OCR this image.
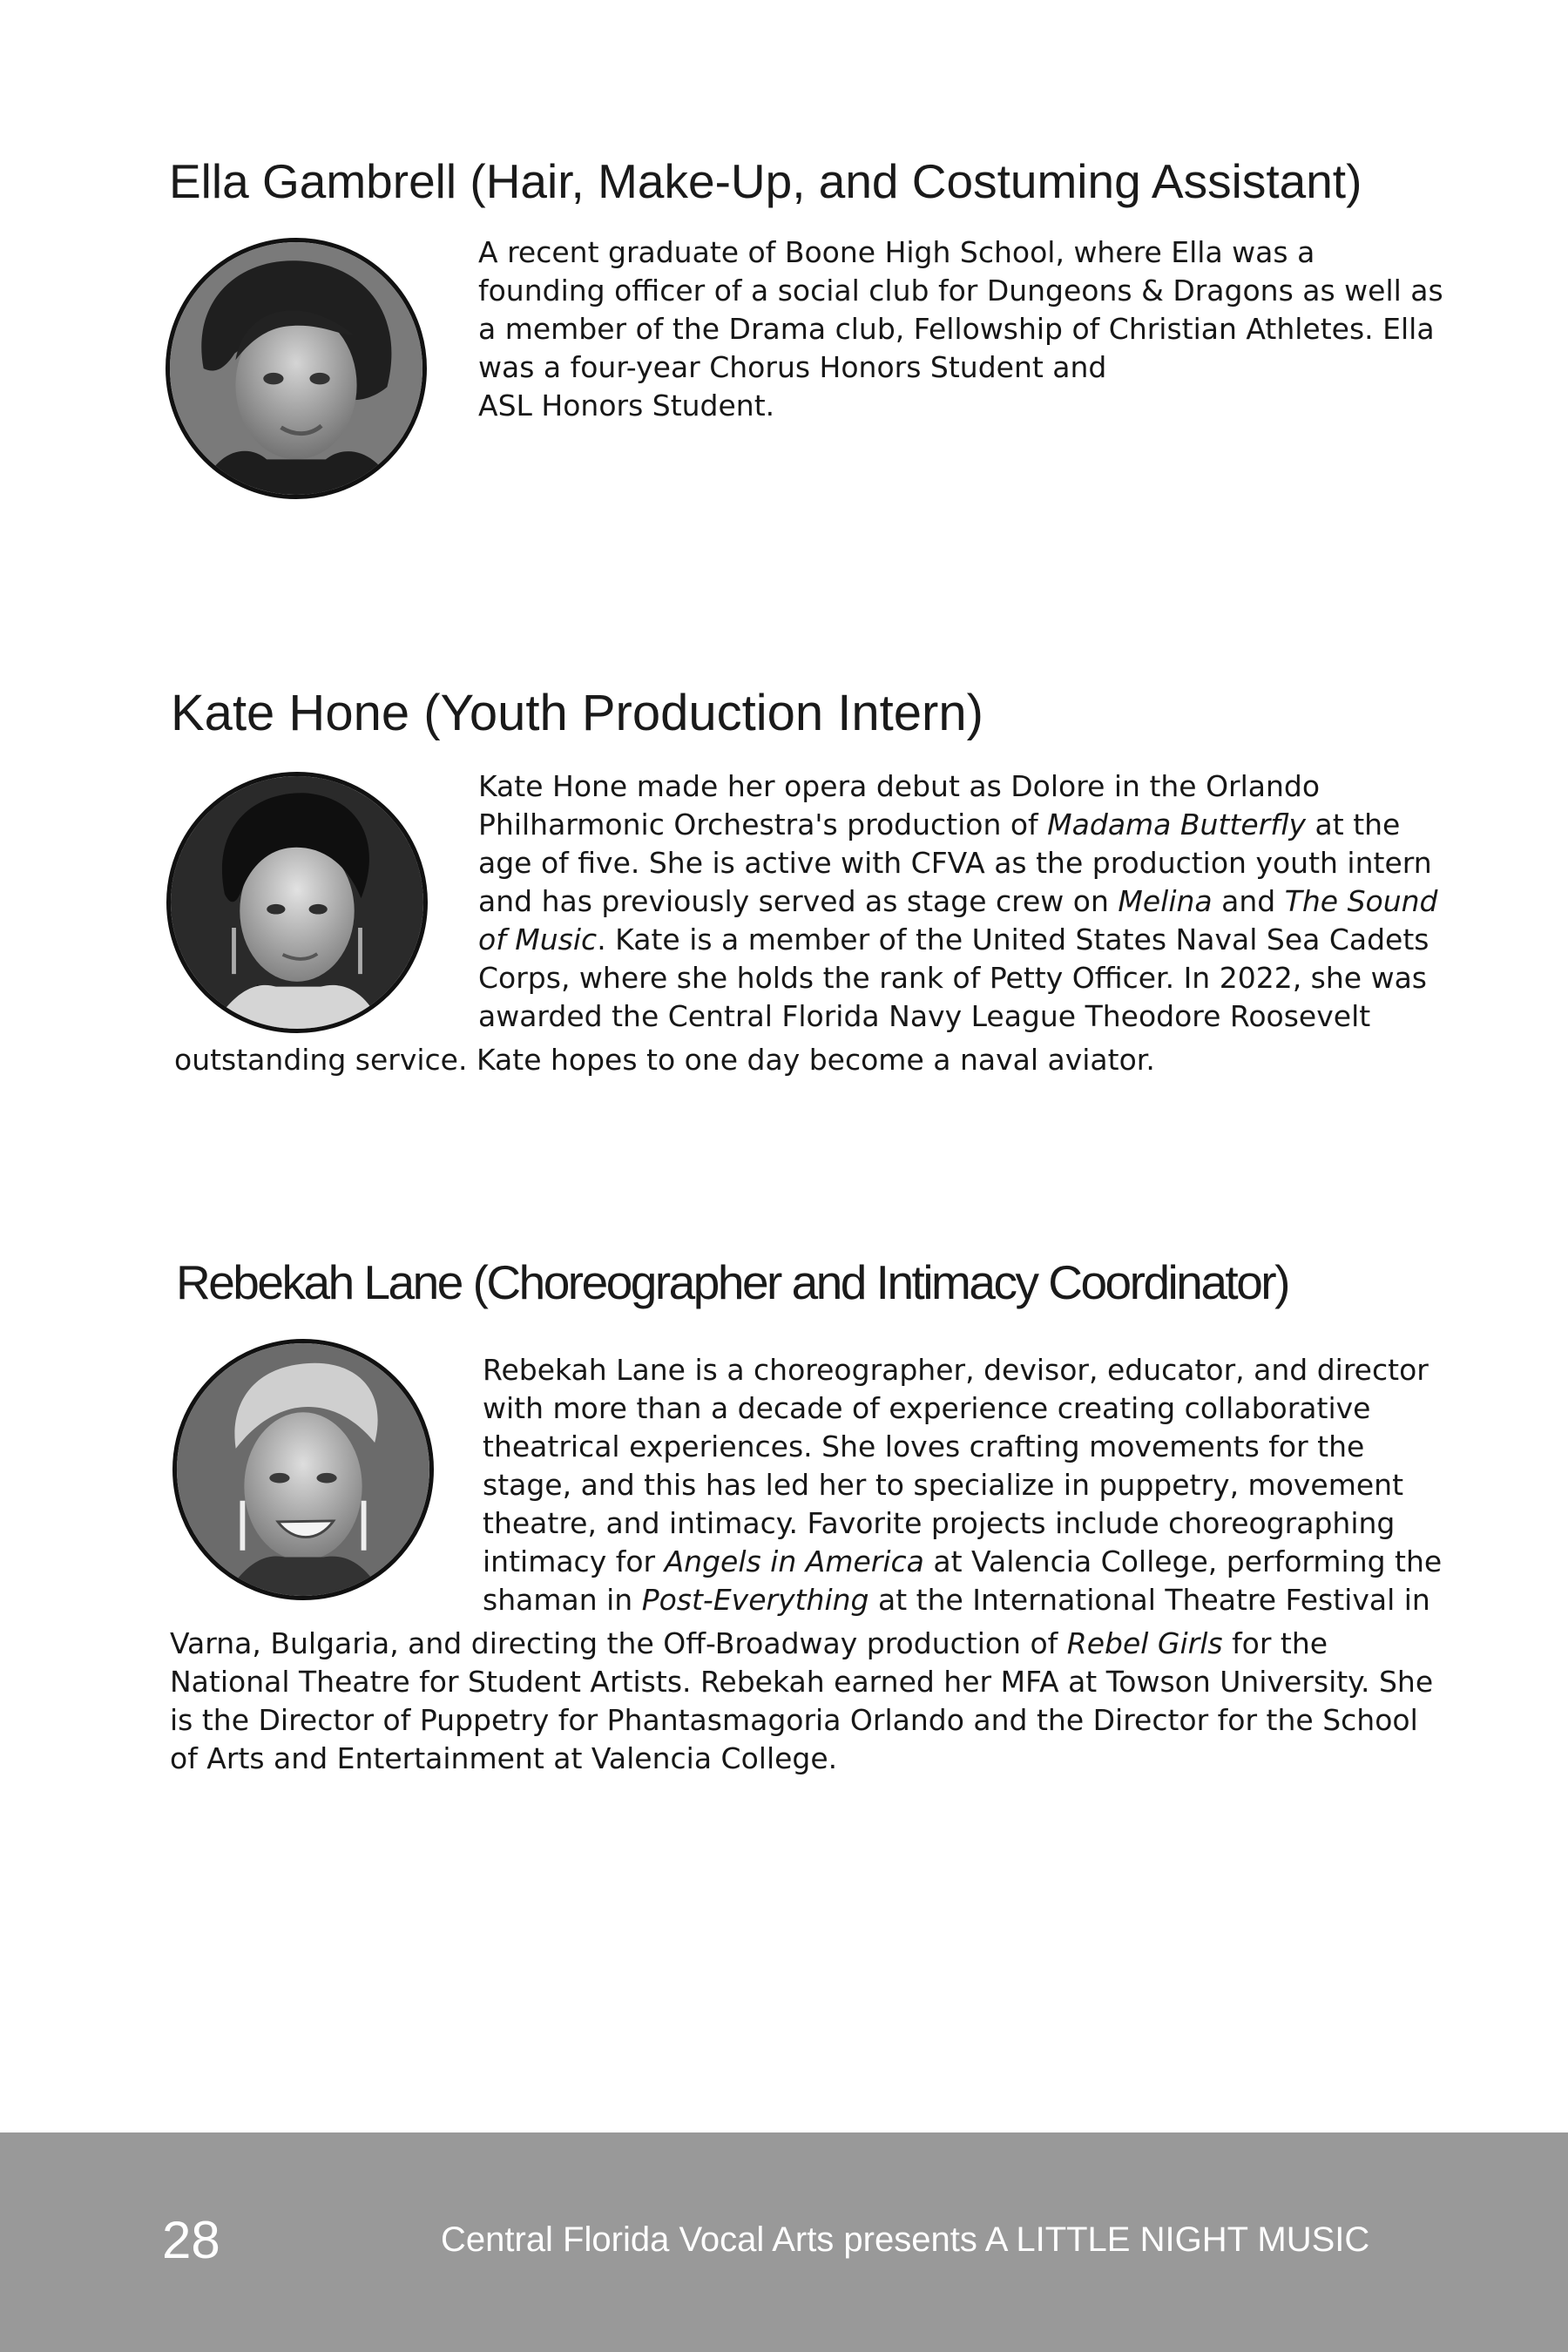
Ella Gambrell (Hair, Make-Up, and Costuming Assistant)

A recent graduate of Boone High School, where Ella was a

founding officer of a social club for Dungeons & Dragons as well as

a member of the Drama club, Fellowship of Christian Athletes. Ella

was a four-year Chorus Honors Student and

ASL Honors Student.

Kate Hone (Youth Production Intern)

Kate Hone made her opera debut as Dolore in the Orlando

Philharmonic Orchestra's production of Madama Butterfly at the

age of five. She is active with CFVA as the production youth intern

and has previously served as stage crew on Melina and The Sound

of Music. Kate is a member of the United States Naval Sea Cadets

Corps, where she holds the rank of Petty Officer. In 2022, she was

awarded the Central Florida Navy League Theodore Roosevelt

outstanding service. Kate hopes to one day become a naval aviator.

Rebekah Lane (Choreographer and Intimacy Coordinator)

Rebekah Lane is a choreographer, devisor, educator, and director

with more than a decade of experience creating collaborative

theatrical experiences. She loves crafting movements for the

stage, and this has led her to specialize in puppetry, movement

theatre, and intimacy. Favorite projects include choreographing

intimacy for Angels in America at Valencia College, performing the

shaman in Post-Everything at the International Theatre Festival in

Varna, Bulgaria, and directing the Off-Broadway production of Rebel Girls for the

National Theatre for Student Artists. Rebekah earned her MFA at Towson University. She

is the Director of Puppetry for Phantasmagoria Orlando and the Director for the School

of Arts and Entertainment at Valencia College.

28	Central Florida Vocal Arts presents A LITTLE NIGHT MUSIC
